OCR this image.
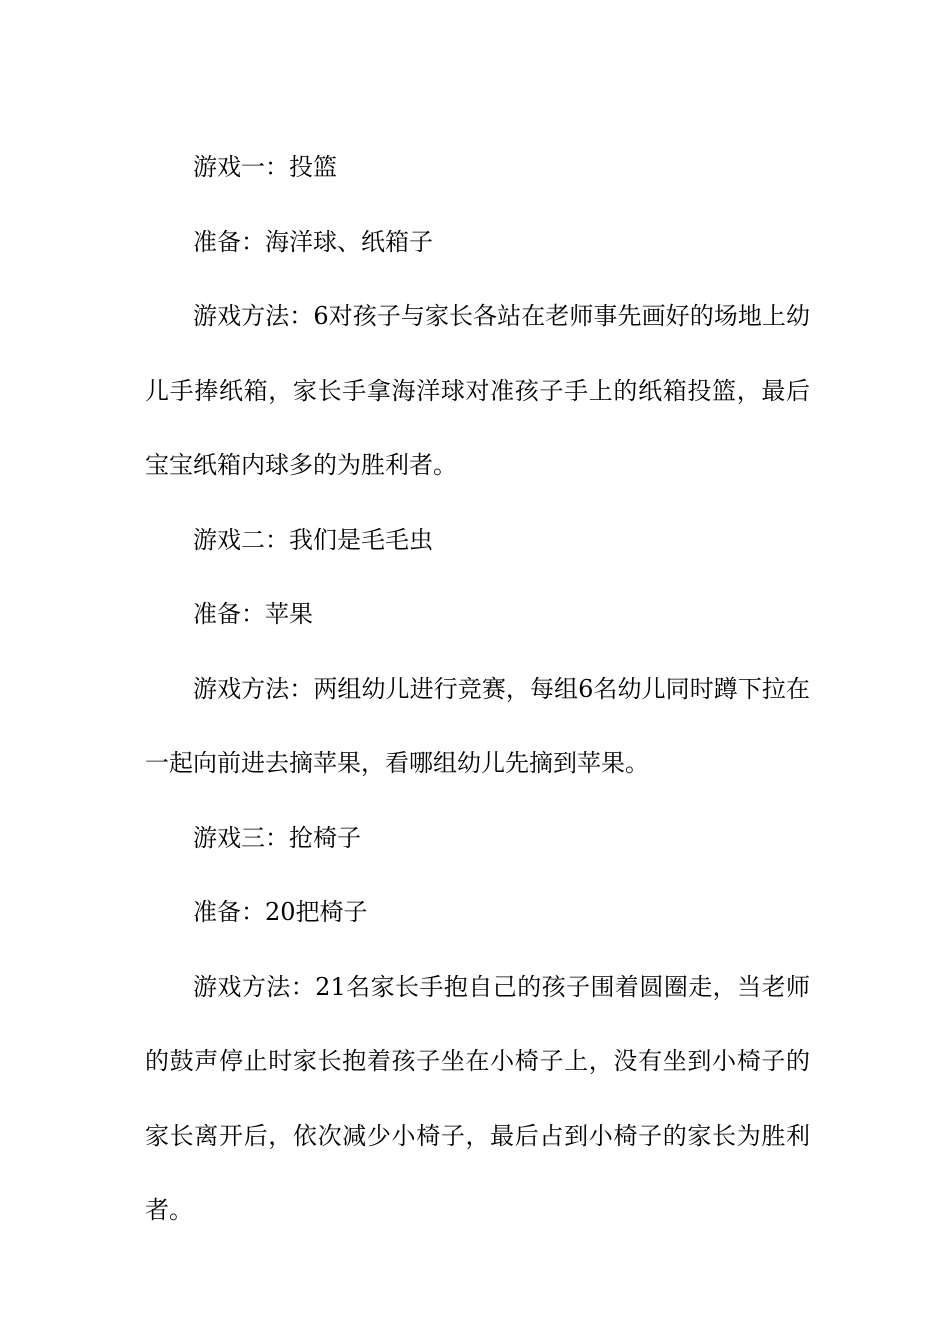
游戏一：投篮

准备：海洋球、纸箱子

游戏方法：6对孩子与家长各站在老师事先画好的场地上幼儿手捧纸箱，家长手拿海洋球对准孩子手上的纸箱投篮，最后宝宝纸箱内球多的为胜利者。

游戏二：我们是毛毛虫

准备：苹果

游戏方法：两组幼儿进行竞赛，每组6名幼儿同时蹲下拉在一起向前进去摘苹果，看哪组幼儿先摘到苹果。

游戏三：抢椅子

准备：20把椅子

游戏方法：21名家长手抱自己的孩子围着圆圈走，当老师的鼓声停止时家长抱着孩子坐在小椅子上，没有坐到小椅子的家长离开后，依次减少小椅子，最后占到小椅子的家长为胜利者。
